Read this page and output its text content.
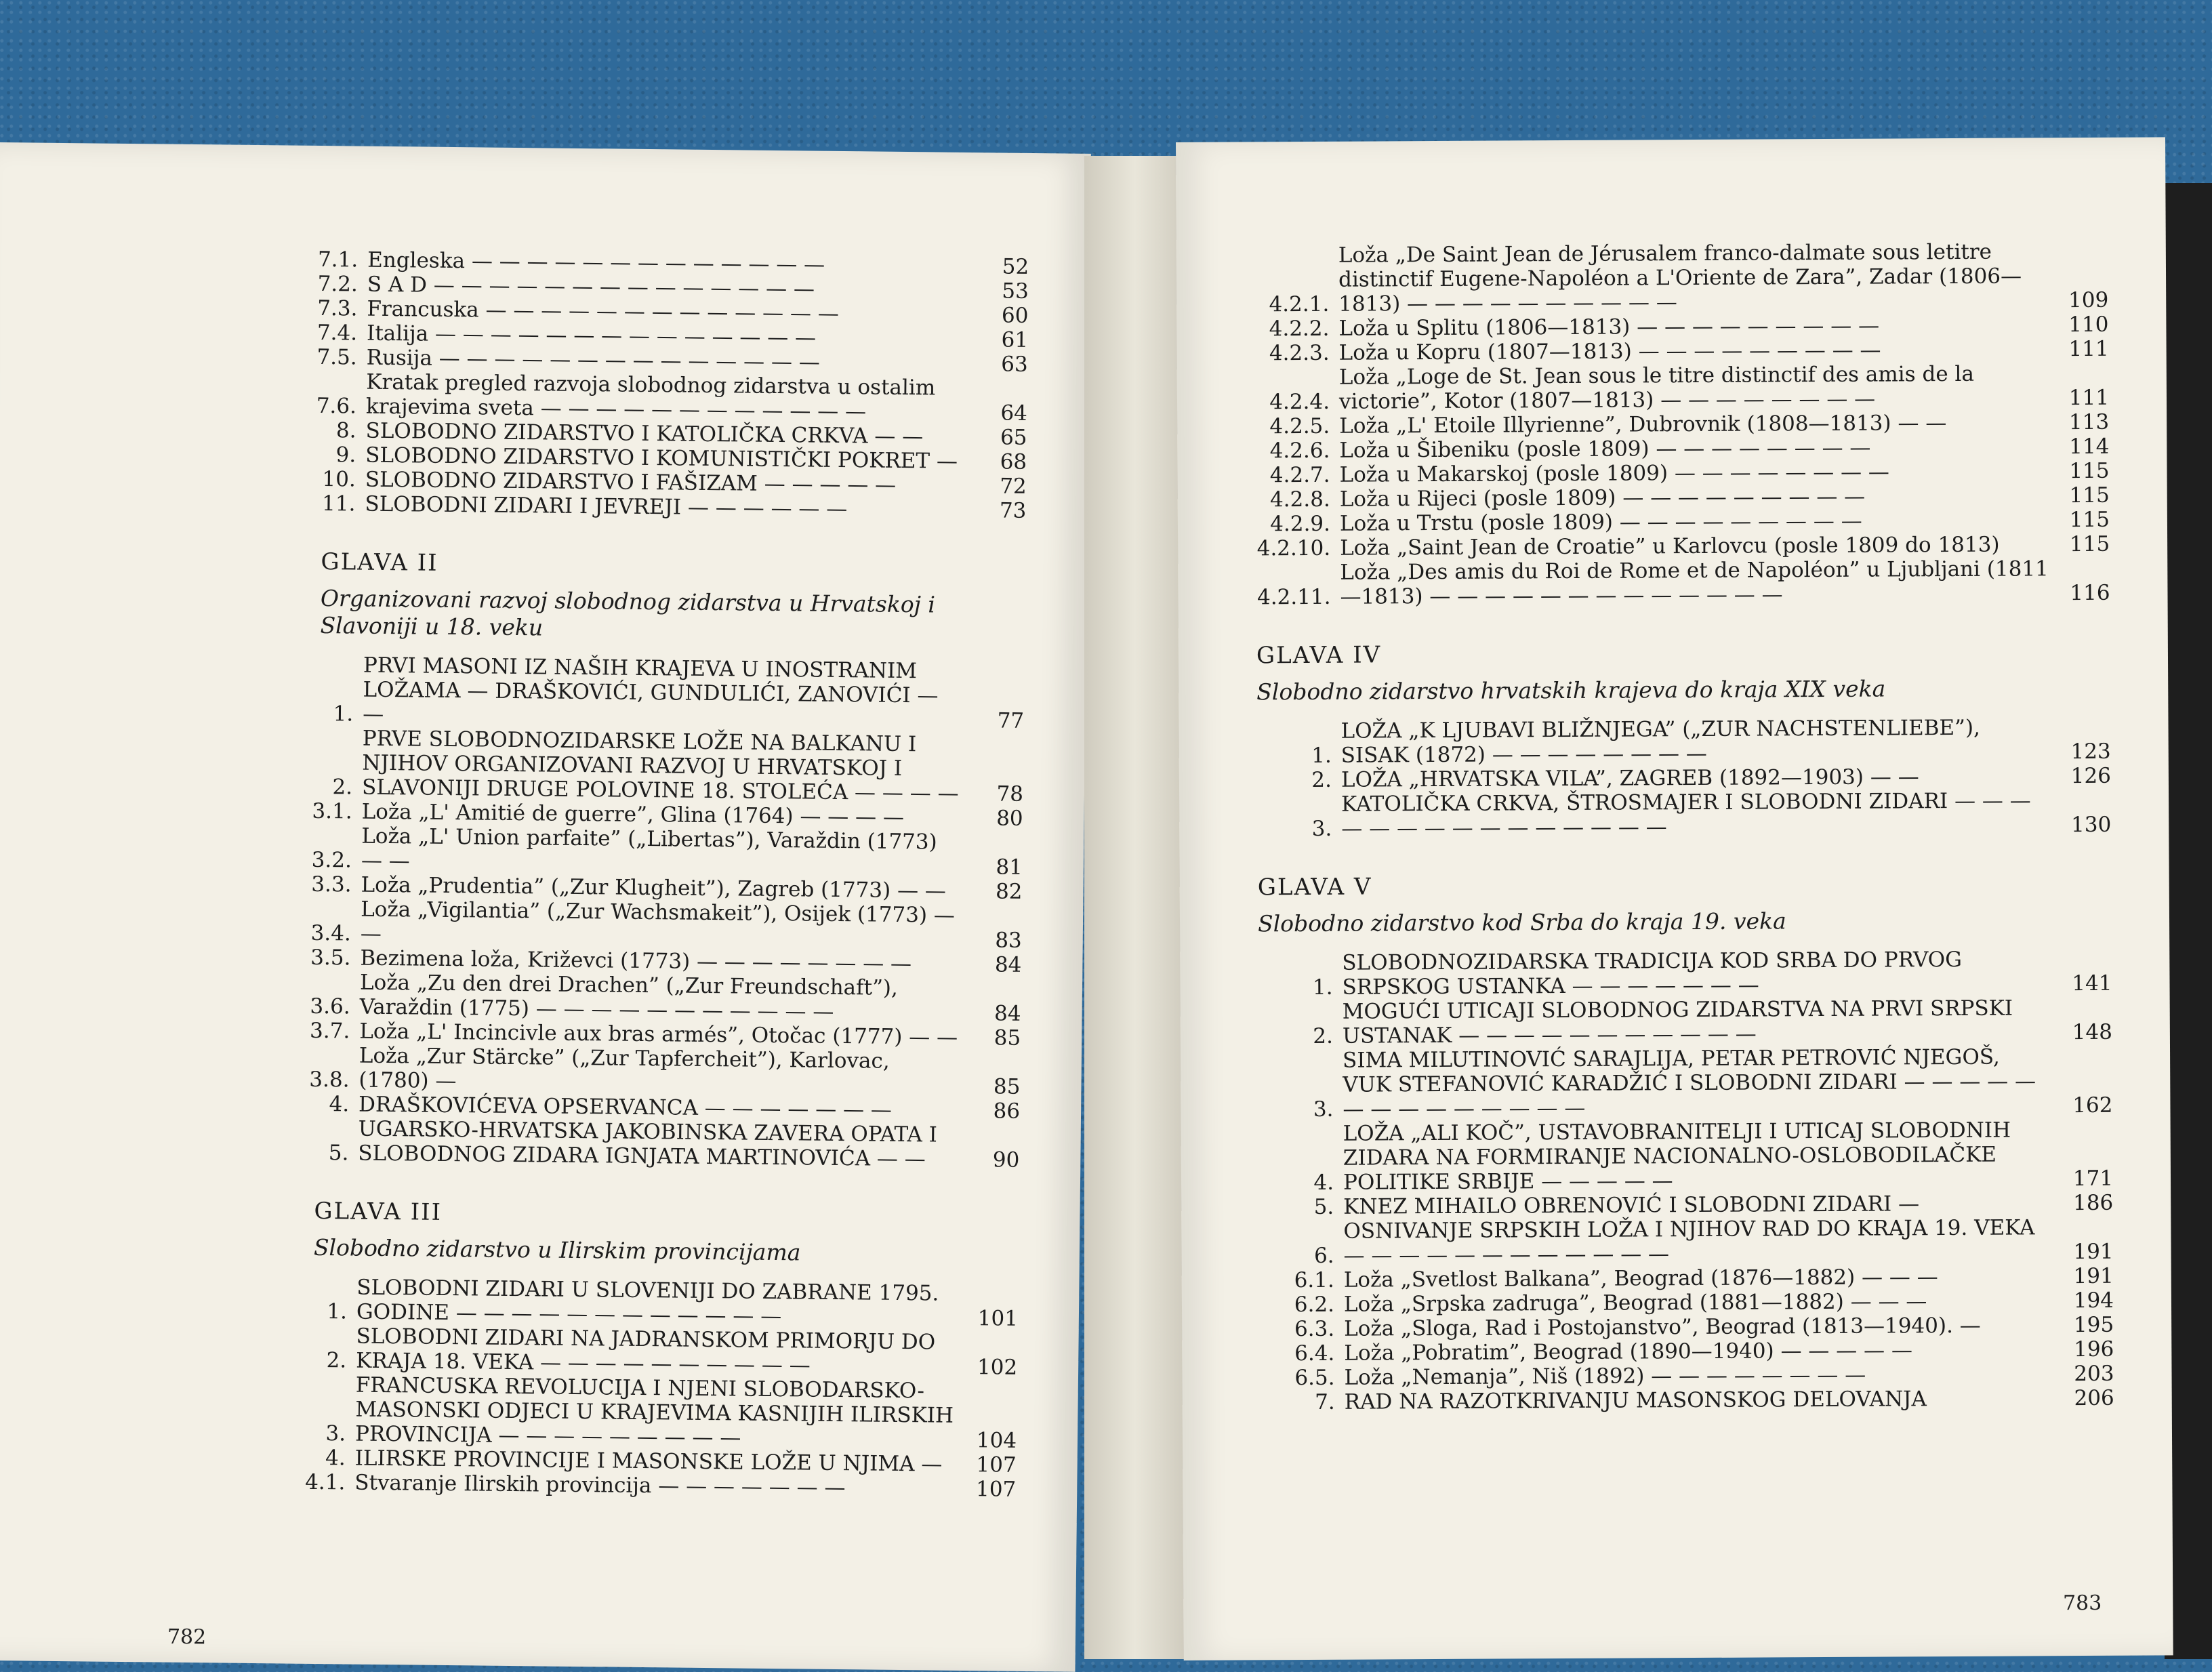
7.1. Engleska — — — — — — — — — — — — —	52
7.2. S A D — — — — — — — — — — — — — —	53
7.3. Francuska — — — — — — — — — — — — —	60
7.4. Italija — — — — — — — — — — — — — —	61
7.5. Rusija — — — — — — — — — — — — — —	63
7.6.
Kratak pregled razvoja slobodnog zidarstva u ostalim krajevima sveta — — — — — — — — — — — —	64
8. SLOBODNO ZIDARSTVO I KATOLIČKA CRKVA — —	65
9. SLOBODNO ZIDARSTVO I KOMUNISTIČKI POKRET —	68
10. SLOBODNO ZIDARSTVO I FAŠIZAM — — — — —	72
11. SLOBODNI ZIDARI I JEVREJI — — — — — —	73
GLAVA II
Organizovani razvoj slobodnog zidarstva u Hrvatskoj i Slavoniji u 18. veku
1.
PRVI MASONI IZ NAŠIH KRAJEVA U INOSTRANIM LOŽAMA — DRAŠKOVIĆI, GUNDULIĆI, ZANOVIĆI — —	77
2.
PRVE SLOBODNOZIDARSKE LOŽE NA BALKANU I NJIHOV ORGANIZOVANI RAZVOJ U HRVATSKOJ I SLAVONIJI DRUGE POLOVINE 18. STOLEĆA — — — —	78
3.1. Loža „L' Amitié de guerre”, Glina (1764) — — — —	80
3.2.
Loža „L' Union parfaite” („Libertas”), Varaždin (1773) — —	81
3.3. Loža „Prudentia” („Zur Klugheit”), Zagreb (1773) — —	82
3.4.
Loža „Vigilantia” („Zur Wachsmakeit”), Osijek (1773) — —	83
3.5. Bezimena loža, Križevci (1773) — — — — — — — —	84
3.6.
Loža „Zu den drei Drachen” („Zur Freundschaft”), Varaždin (1775) — — — — — — — — — — —	84
3.7. Loža „L' Incincivle aux bras armés”, Otočac (1777) — —	85
3.8.
Loža „Zur Stärcke” („Zur Tapfercheit”), Karlovac, (1780) —	85
4. DRAŠKOVIĆEVA OPSERVANCA — — — — — — —	86
5.
UGARSKO-HRVATSKA JAKOBINSKA ZAVERA OPATA I SLOBODNOG ZIDARA IGNJATA MARTINOVIĆA — —	90
GLAVA III
Slobodno zidarstvo u Ilirskim provincijama
1.
SLOBODNI ZIDARI U SLOVENIJI DO ZABRANE 1795. GODINE — — — — — — — — — — — —	101
2.
SLOBODNI ZIDARI NA JADRANSKOM PRIMORJU DO KRAJA 18. VEKA — — — — — — — — — —	102
3.
FRANCUSKA REVOLUCIJA I NJENI SLOBODARSKO-MASONSKI ODJECI U KRAJEVIMA KASNIJIH ILIRSKIH PROVINCIJA — — — — — — — — —	104
4. ILIRSKE PROVINCIJE I MASONSKE LOŽE U NJIMA —	107
4.1. Stvaranje Ilirskih provincija — — — — — — —	107
782
4.2.1.
Loža „De Saint Jean de Jérusalem franco-dalmate sous letitre distinctif Eugene-Napoléon a L'Oriente de Zara”, Zadar (1806—1813) — — — — — — — — — —	109
4.2.2. Loža u Splitu (1806—1813) — — — — — — — — —	110
4.2.3. Loža u Kopru (1807—1813) — — — — — — — — —	111
4.2.4.
Loža „Loge de St. Jean sous le titre distinctif des amis de la victorie”, Kotor (1807—1813) — — — — — — — —	111
4.2.5. Loža „L' Etoile Illyrienne”, Dubrovnik (1808—1813) — —	113
4.2.6. Loža u Šibeniku (posle 1809) — — — — — — — —	114
4.2.7. Loža u Makarskoj (posle 1809) — — — — — — — —	115
4.2.8. Loža u Rijeci (posle 1809) — — — — — — — — —	115
4.2.9. Loža u Trstu (posle 1809) — — — — — — — — —	115
4.2.10. Loža „Saint Jean de Croatie” u Karlovcu (posle 1809 do 1813)	115
4.2.11.
Loža „Des amis du Roi de Rome et de Napoléon” u Ljubljani (1811—1813) — — — — — — — — — — — — —	116
GLAVA IV
Slobodno zidarstvo hrvatskih krajeva do kraja XIX veka
1.
LOŽA „K LJUBAVI BLIŽNJEGA” („ZUR NACHSTENLIEBE”), SISAK (1872) — — — — — — — —	123
2. LOŽA „HRVATSKA VILA”, ZAGREB (1892—1903) — —	126
3.
KATOLIČKA CRKVA, ŠTROSMAJER I SLOBODNI ZIDARI — — — — — — — — — — — — — — —	130
GLAVA V
Slobodno zidarstvo kod Srba do kraja 19. veka
1.
SLOBODNOZIDARSKA TRADICIJA KOD SRBA DO PRVOG SRPSKOG USTANKA — — — — — — —	141
2.
MOGUĆI UTICAJI SLOBODNOG ZIDARSTVA NA PRVI SRPSKI USTANAK — — — — — — — — — — —	148
3.
SIMA MILUTINOVIĆ SARAJLIJA, PETAR PETROVIĆ NJEGOŠ, VUK STEFANOVIĆ KARADŽIĆ I SLOBODNI ZIDARI — — — — — — — — — — — — — —	162
4.
LOŽA „ALI KOČ”, USTAVOBRANITELJI I UTICAJ SLOBODNIH ZIDARA NA FORMIRANJE NACIONALNO-OSLOBODILAČKE POLITIKE SRBIJE — — — — —	171
5. KNEZ MIHAILO OBRENOVIĆ I SLOBODNI ZIDARI —	186
6.
OSNIVANJE SRPSKIH LOŽA I NJIHOV RAD DO KRAJA 19. VEKA — — — — — — — — — — — —	191
6.1. Loža „Svetlost Balkana”, Beograd (1876—1882) — — —	191
6.2. Loža „Srpska zadruga”, Beograd (1881—1882) — — —	194
6.3. Loža „Sloga, Rad i Postojanstvo”, Beograd (1813—1940). —	195
6.4. Loža „Pobratim”, Beograd (1890—1940) — — — — —	196
6.5. Loža „Nemanja”, Niš (1892) — — — — — — — —	203
7. RAD NA RAZOTKRIVANJU MASONSKOG DELOVANJA	206
783
